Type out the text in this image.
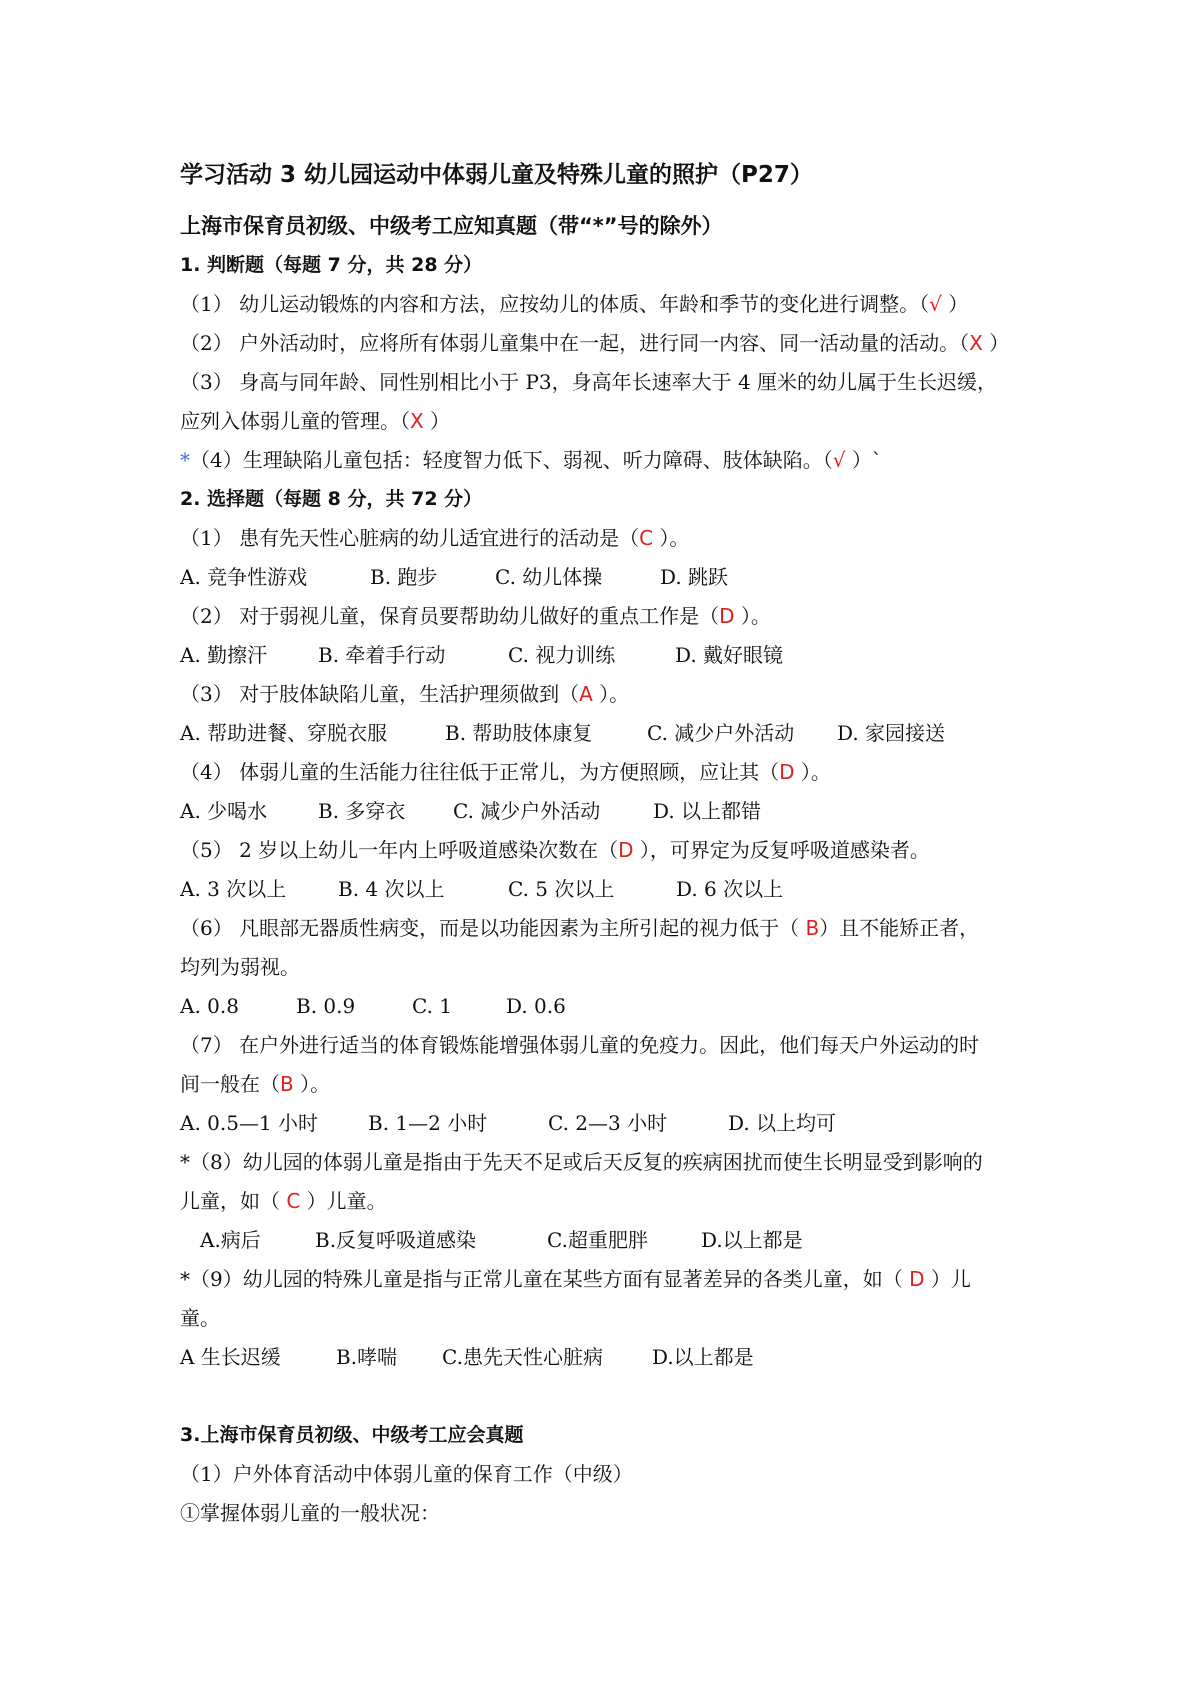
学习活动 3 幼儿园运动中体弱儿童及特殊儿童的照护（P27）
上海市保育员初级、中级考工应知真题（带“*”号的除外）
1. 判断题（每题 7 分，共 28 分）
（1） 幼儿运动锻炼的内容和方法，应按幼儿的体质、年龄和季节的变化进行调整。（√ ）
（2） 户外活动时，应将所有体弱儿童集中在一起，进行同一内容、同一活动量的活动。（X ）
（3） 身高与同年龄、同性别相比小于 P3，身高年长速率大于 4 厘米的幼儿属于生长迟缓，
应列入体弱儿童的管理。（X ）
*（4）生理缺陷儿童包括：轻度智力低下、弱视、听力障碍、肢体缺陷。（√ ）`
2. 选择题（每题 8 分，共 72 分）
（1） 患有先天性心脏病的幼儿适宜进行的活动是（C ）。
A. 竞争性游戏	B. 跑步	C. 幼儿体操	D. 跳跃
（2） 对于弱视儿童，保育员要帮助幼儿做好的重点工作是（D ）。
A. 勤擦汗	B. 牵着手行动	C. 视力训练	D. 戴好眼镜
（3） 对于肢体缺陷儿童，生活护理须做到（A ）。
A. 帮助进餐、穿脱衣服	B. 帮助肢体康复	C. 减少户外活动 D. 家园接送
（4） 体弱儿童的生活能力往往低于正常儿，为方便照顾，应让其（D ）。
A. 少喝水	B. 多穿衣 C. 减少户外活动	D. 以上都错
（5） 2 岁以上幼儿一年内上呼吸道感染次数在（D ），可界定为反复呼吸道感染者。
A. 3 次以上	B. 4 次以上	C. 5 次以上	D. 6 次以上
（6） 凡眼部无器质性病变，而是以功能因素为主所引起的视力低于（ B）且不能矫正者，
均列为弱视。
A. 0.8	B. 0.9	C. 1	D. 0.6
（7） 在户外进行适当的体育锻炼能增强体弱儿童的免疫力。因此，他们每天户外运动的时
间一般在（B ）。
A. 0.5—1 小时 B. 1—2 小时	C. 2—3 小时	D. 以上均可
*（8）幼儿园的体弱儿童是指由于先天不足或后天反复的疾病困扰而使生长明显受到影响的
儿童，如（ C ）儿童。
A.病后	B.反复呼吸道感染	C.超重肥胖	D.以上都是
*（9）幼儿园的特殊儿童是指与正常儿童在某些方面有显著差异的各类儿童，如（ D ）儿
童。
A 生长迟缓	B.哮喘 C.患先天性心脏病 D.以上都是
3.上海市保育员初级、中级考工应会真题
（1）户外体育活动中体弱儿童的保育工作（中级）
①掌握体弱儿童的一般状况：
